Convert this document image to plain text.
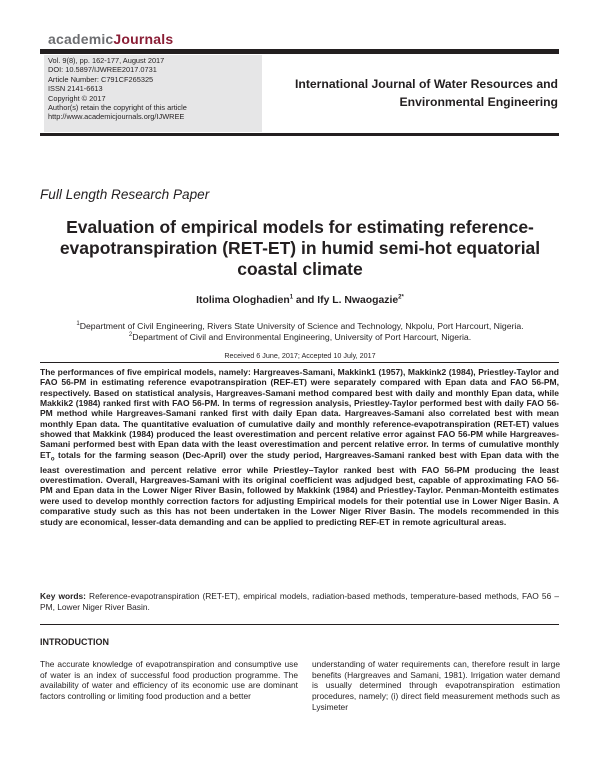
academicJournals
Vol. 9(8), pp. 162-177, August 2017
DOI: 10.5897/IJWREE2017.0731
Article Number: C791CF265325
ISSN 2141-6613
Copyright © 2017
Author(s) retain the copyright of this article
http://www.academicjournals.org/IJWREE
International Journal of Water Resources and
Environmental Engineering
Full Length Research Paper
Evaluation of empirical models for estimating reference-evapotranspiration (RET-ET) in humid semi-hot equatorial coastal climate
Itolima Ologhadien$^1$ and Ify L. Nwaogazie$^{2*}$
$^1$Department of Civil Engineering, Rivers State University of Science and Technology, Nkpolu, Port Harcourt, Nigeria.
$^2$Department of Civil and Environmental Engineering, University of Port Harcourt, Nigeria.
Received 6 June, 2017; Accepted 10 July, 2017
The performances of five empirical models, namely: Hargreaves-Samani, Makkink1 (1957), Makkink2 (1984), Priestley-Taylor and FAO 56-PM in estimating reference evapotranspiration (REF-ET) were separately compared with Epan data and FAO 56-PM, respectively. Based on statistical analysis, Hargreaves-Samani method compared best with daily and monthly Epan data, while Makkik2 (1984) ranked first with FAO 56-PM. In terms of regression analysis, Priestley-Taylor performed best with daily FAO 56-PM method while Hargreaves-Samani ranked first with daily Epan data. Hargreaves-Samani also correlated best with mean monthly Epan data. The quantitative evaluation of cumulative daily and monthly reference-evapotranspiration (RET-ET) values showed that Makkink (1984) produced the least overestimation and percent relative error against FAO 56-PM while Hargreaves-Samani performed best with Epan data with the least overestimation and percent relative error. In terms of cumulative monthly $ET_o$ totals for the farming season (Dec-April) over the study period, Hargreaves-Samani ranked best with Epan data with the least overestimation and percent relative error while Priestley–Taylor ranked best with FAO 56-PM producing the least overestimation. Overall, Hargreaves-Samani with its original coefficient was adjudged best, capable of approximating FAO 56-PM and Epan data in the Lower Niger River Basin, followed by Makkink (1984) and Priestley-Taylor. Penman-Monteith estimates were used to develop monthly correction factors for adjusting Empirical models for their potential use in Lower Niger Basin. A comparative study such as this has not been undertaken in the Lower Niger River Basin. The models recommended in this study are economical, lesser-data demanding and can be applied to predicting REF-ET in remote agricultural areas.
Key words: Reference-evapotranspiration (RET-ET), empirical models, radiation-based methods, temperature-based methods, FAO 56 –PM, Lower Niger River Basin.
INTRODUCTION
The accurate knowledge of evapotranspiration and consumptive use of water is an index of successful food production programme. The availability of water and efficiency of its economic use are dominant factors controlling or limiting food production and a better
understanding of water requirements can, therefore result in large benefits (Hargreaves and Samani, 1981). Irrigation water demand is usually determined through evapotranspiration estimation procedures, namely; (i) direct field measurement methods such as Lysimeter
